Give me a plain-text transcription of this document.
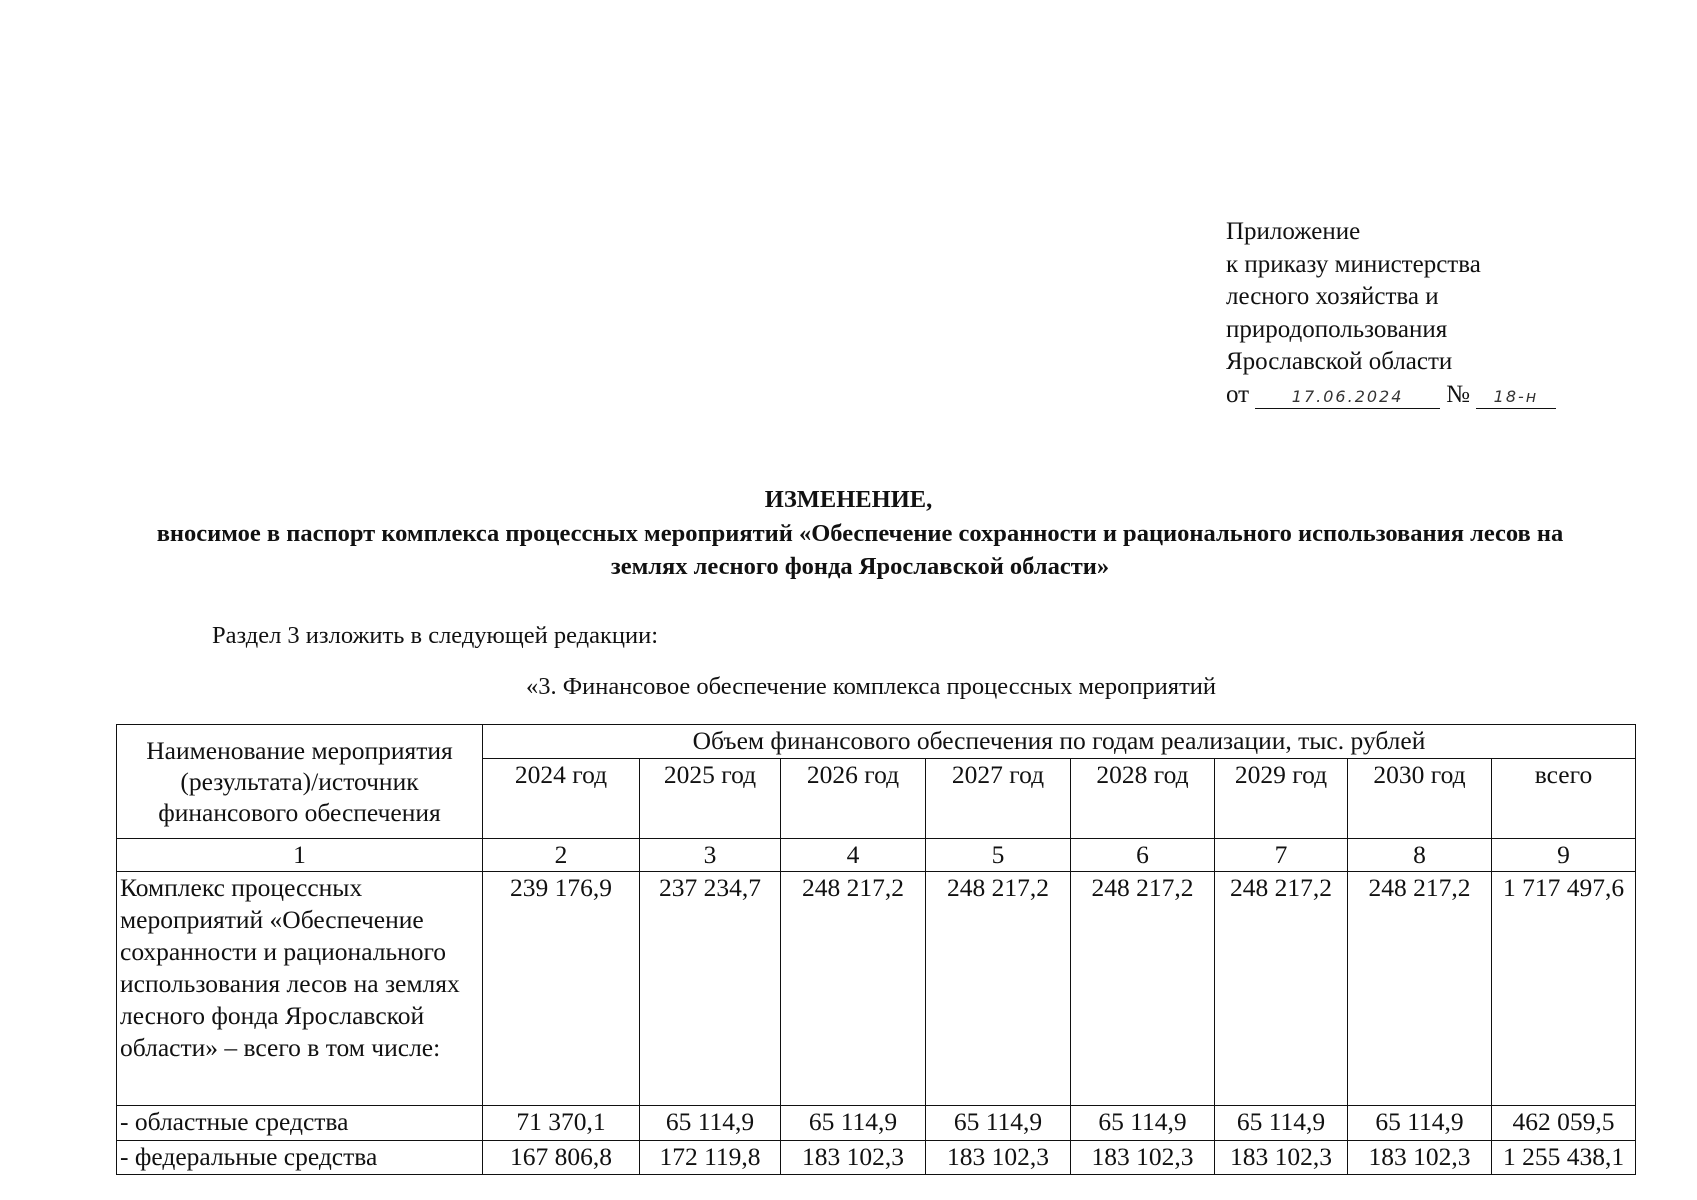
Приложение
к приказу министерства
лесного хозяйства и
природопользования
Ярославской области
от	17.06.2024 № 18-н
ИЗМЕНЕНИЕ,
вносимое в паспорт комплекса процессных мероприятий «Обеспечение сохранности и рационального использования лесов на землях лесного фонда Ярославской области»
Раздел 3 изложить в следующей редакции:
«3. Финансовое обеспечение комплекса процессных мероприятий
Наименование мероприятия (результата)/источник финансового обеспечения	Объем финансового обеспечения по годам реализации, тыс. рублей							
	2024 год	2025 год	2026 год	2027 год	2028 год	2029 год	2030 год	всего
1	2	3	4	5	6	7	8	9
Комплекс процессных мероприятий «Обеспечение сохранности и рационального использования лесов на землях лесного фонда Ярославской области» – всего в том числе:	239 176,9	237 234,7	248 217,2	248 217,2	248 217,2	248 217,2	248 217,2	1 717 497,6
- областные средства	71 370,1	65 114,9	65 114,9	65 114,9	65 114,9	65 114,9	65 114,9	462 059,5
- федеральные средства	167 806,8	172 119,8	183 102,3	183 102,3	183 102,3	183 102,3	183 102,3	1 255 438,1
